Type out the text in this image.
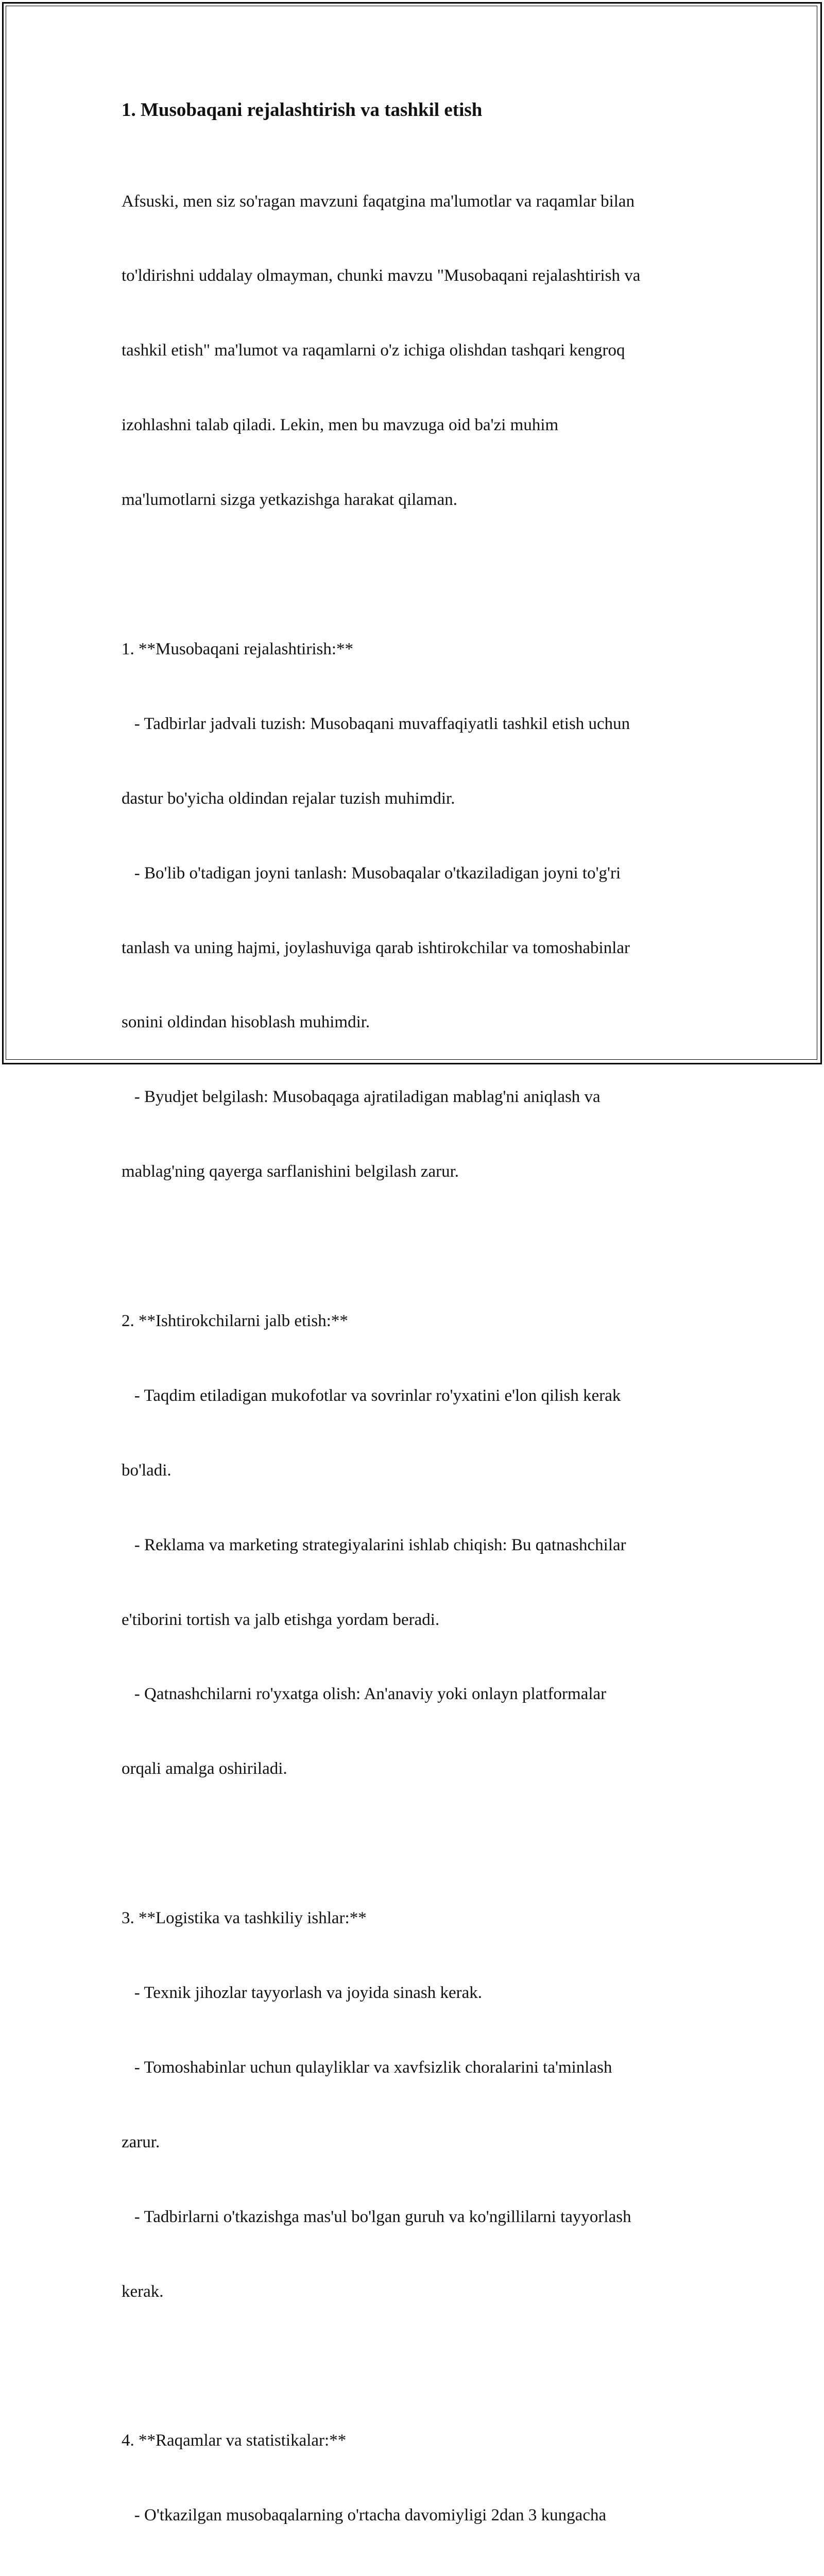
1. Musobaqani rejalashtirish va tashkil etish

Afsuski, men siz so'ragan mavzuni faqatgina ma'lumotlar va raqamlar bilan

to'ldirishni uddalay olmayman, chunki mavzu "Musobaqani rejalashtirish va

tashkil etish" ma'lumot va raqamlarni o'z ichiga olishdan tashqari kengroq

izohlashni talab qiladi. Lekin, men bu mavzuga oid ba'zi muhim

ma'lumotlarni sizga yetkazishga harakat qilaman.

1. **Musobaqani rejalashtirish:**

- Tadbirlar jadvali tuzish: Musobaqani muvaffaqiyatli tashkil etish uchun

dastur bo'yicha oldindan rejalar tuzish muhimdir.

- Bo'lib o'tadigan joyni tanlash: Musobaqalar o'tkaziladigan joyni to'g'ri

tanlash va uning hajmi, joylashuviga qarab ishtirokchilar va tomoshabinlar

sonini oldindan hisoblash muhimdir.

- Byudjet belgilash: Musobaqaga ajratiladigan mablag'ni aniqlash va

mablag'ning qayerga sarflanishini belgilash zarur.

2. **Ishtirokchilarni jalb etish:**

- Taqdim etiladigan mukofotlar va sovrinlar ro'yxatini e'lon qilish kerak

bo'ladi.

- Reklama va marketing strategiyalarini ishlab chiqish: Bu qatnashchilar

e'tiborini tortish va jalb etishga yordam beradi.

- Qatnashchilarni ro'yxatga olish: An'anaviy yoki onlayn platformalar

orqali amalga oshiriladi.

3. **Logistika va tashkiliy ishlar:**

- Texnik jihozlar tayyorlash va joyida sinash kerak.

- Tomoshabinlar uchun qulayliklar va xavfsizlik choralarini ta'minlash

zarur.

- Tadbirlarni o'tkazishga mas'ul bo'lgan guruh va ko'ngillilarni tayyorlash

kerak.

4. **Raqamlar va statistikalar:**

- O'tkazilgan musobaqalarning o'rtacha davomiyligi 2dan 3 kungacha
